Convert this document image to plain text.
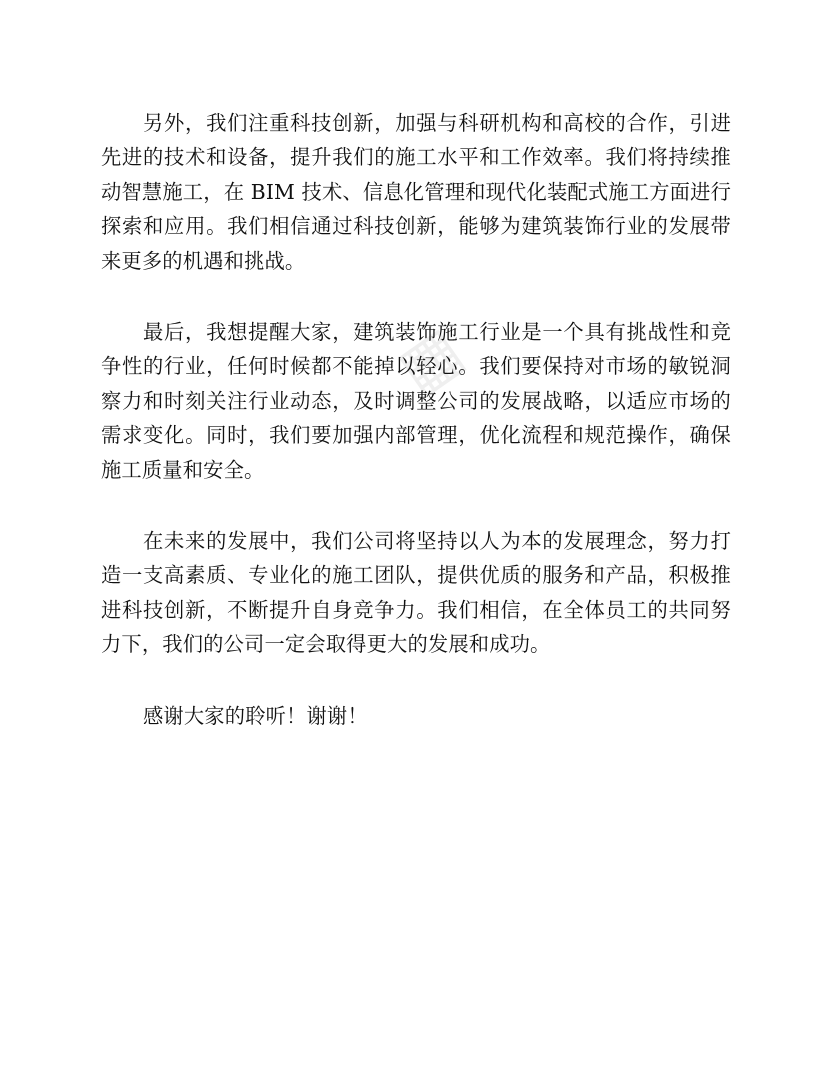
▦

另外，我们注重科技创新，加强与科研机构和高校的合作，引进先进的技术和设备，提升我们的施工水平和工作效率。我们将持续推动智慧施工，在 BIM 技术、信息化管理和现代化装配式施工方面进行探索和应用。我们相信通过科技创新，能够为建筑装饰行业的发展带来更多的机遇和挑战。

最后，我想提醒大家，建筑装饰施工行业是一个具有挑战性和竞争性的行业，任何时候都不能掉以轻心。我们要保持对市场的敏锐洞察力和时刻关注行业动态，及时调整公司的发展战略，以适应市场的需求变化。同时，我们要加强内部管理，优化流程和规范操作，确保施工质量和安全。

在未来的发展中，我们公司将坚持以人为本的发展理念，努力打造一支高素质、专业化的施工团队，提供优质的服务和产品，积极推进科技创新，不断提升自身竞争力。我们相信，在全体员工的共同努力下，我们的公司一定会取得更大的发展和成功。

感谢大家的聆听！谢谢！
